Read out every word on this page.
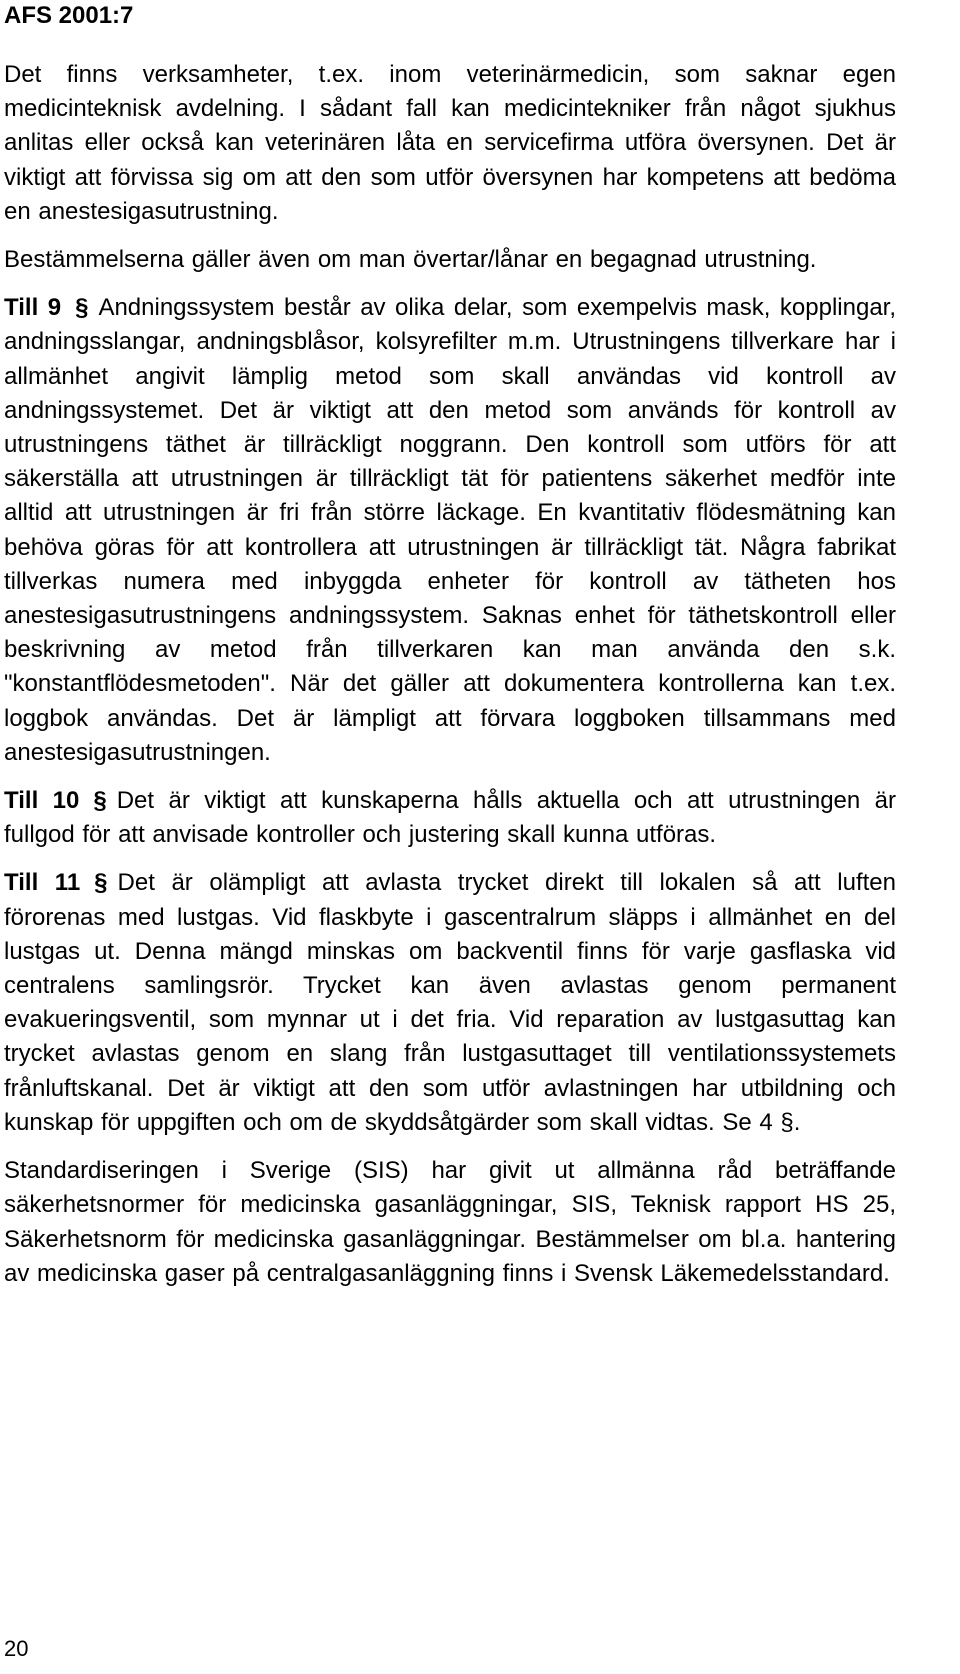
AFS 2001:7

Det finns verksamheter, t.ex. inom veterinärmedicin, som saknar egen medicinteknisk avdelning. I sådant fall kan medicintekniker från något sjukhus anlitas eller också kan veterinären låta en servicefirma utföra översynen. Det är viktigt att förvissa sig om att den som utför översynen har kompetens att bedöma en anestesigasutrustning.

Bestämmelserna gäller även om man övertar/lånar en begagnad utrustning.

Till 9 § Andningssystem består av olika delar, som exempelvis mask, kopplingar, andningsslangar, andningsblåsor, kolsyrefilter m.m. Utrustningens tillverkare har i allmänhet angivit lämplig metod som skall användas vid kontroll av andningssystemet. Det är viktigt att den metod som används för kontroll av utrustningens täthet är tillräckligt noggrann. Den kontroll som utförs för att säkerställa att utrustningen är tillräckligt tät för patientens säkerhet medför inte alltid att utrustningen är fri från större läckage. En kvantitativ flödesmätning kan behöva göras för att kontrollera att utrustningen är tillräckligt tät. Några fabrikat tillverkas numera med inbyggda enheter för kontroll av tätheten hos anestesigasutrustningens andningssystem. Saknas enhet för täthetskontroll eller beskrivning av metod från tillverkaren kan man använda den s.k. "konstantflödesmetoden". När det gäller att dokumentera kontrollerna kan t.ex. loggbok användas. Det är lämpligt att förvara loggboken tillsammans med anestesigasutrustningen.

Till 10 § Det är viktigt att kunskaperna hålls aktuella och att utrustningen är fullgod för att anvisade kontroller och justering skall kunna utföras.

Till 11 § Det är olämpligt att avlasta trycket direkt till lokalen så att luften förorenas med lustgas. Vid flaskbyte i gascentralrum släpps i allmänhet en del lustgas ut. Denna mängd minskas om backventil finns för varje gasflaska vid centralens samlingsrör. Trycket kan även avlastas genom permanent evakueringsventil, som mynnar ut i det fria. Vid reparation av lustgasuttag kan trycket avlastas genom en slang från lustgasuttaget till ventilationssystemets frånluftskanal. Det är viktigt att den som utför avlastningen har utbildning och kunskap för uppgiften och om de skyddsåtgärder som skall vidtas. Se 4 §.

Standardiseringen i Sverige (SIS) har givit ut allmänna råd beträffande säkerhetsnormer för medicinska gasanläggningar, SIS, Teknisk rapport HS 25, Säkerhetsnorm för medicinska gasanläggningar. Bestämmelser om bl.a. hantering av medicinska gaser på centralgasanläggning finns i Svensk Läkemedelsstandard.

20
